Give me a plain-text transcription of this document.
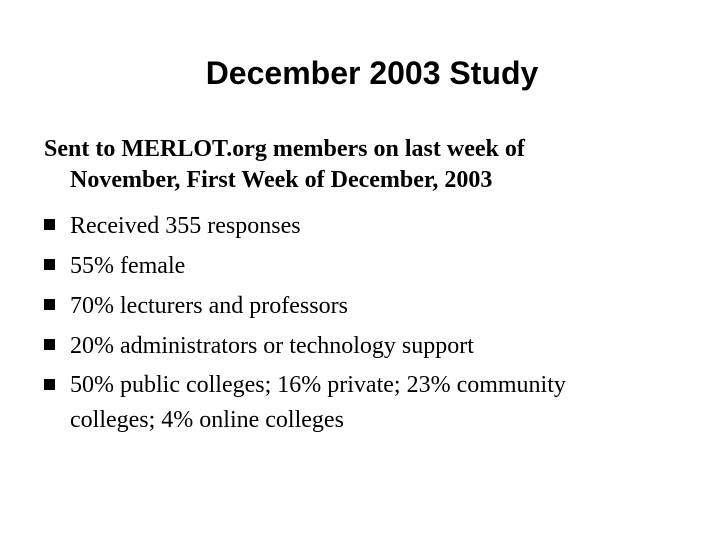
December 2003 Study
Sent to MERLOT.org members on last week of
November, First Week of December, 2003
Received 355 responses
55% female
70% lecturers and professors
20% administrators or technology support
50% public colleges; 16% private; 23% community
colleges; 4% online colleges
